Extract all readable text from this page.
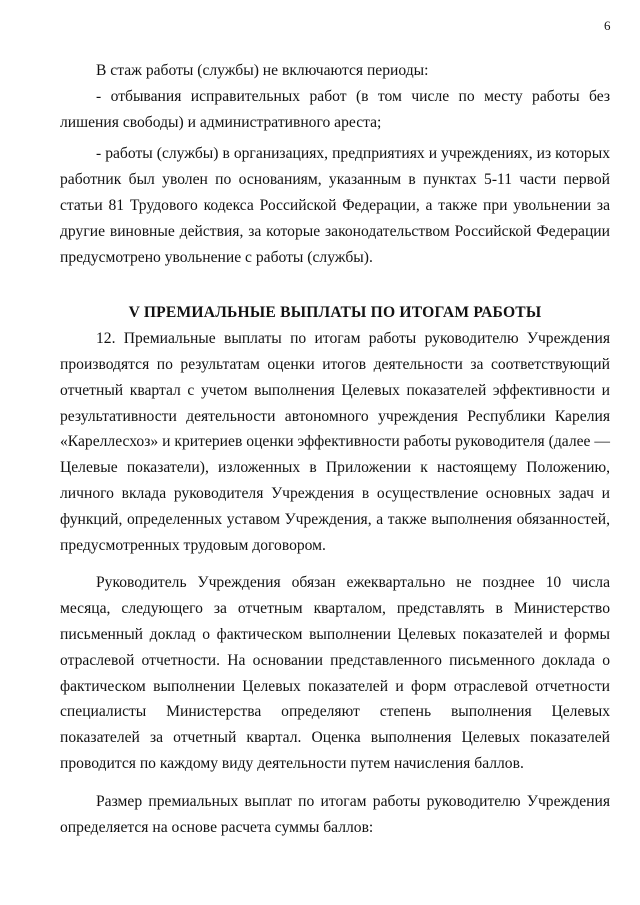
6

В стаж работы (службы) не включаются периоды:

- отбывания исправительных работ (в том числе по месту работы без лишения свободы) и административного ареста;

- работы (службы) в организациях, предприятиях и учреждениях, из которых работник был уволен по основаниям, указанным в пунктах 5-11 части первой статьи 81 Трудового кодекса Российской Федерации, а также при увольнении за другие виновные действия, за которые законодательством Российской Федерации предусмотрено увольнение с работы (службы).

V ПРЕМИАЛЬНЫЕ ВЫПЛАТЫ ПО ИТОГАМ РАБОТЫ

12. Премиальные выплаты по итогам работы руководителю Учреждения производятся по результатам оценки итогов деятельности за соответствующий отчетный квартал с учетом выполнения Целевых показателей эффективности и результативности деятельности автономного учреждения Республики Карелия «Кареллесхоз» и критериев оценки эффективности работы руководителя (далее — Целевые показатели), изложенных в Приложении к настоящему Положению, личного вклада руководителя Учреждения в осуществление основных задач и функций, определенных уставом Учреждения, а также выполнения обязанностей, предусмотренных трудовым договором.

Руководитель Учреждения обязан ежеквартально не позднее 10 числа месяца, следующего за отчетным кварталом, представлять в Министерство письменный доклад о фактическом выполнении Целевых показателей и формы отраслевой отчетности. На основании представленного письменного доклада о фактическом выполнении Целевых показателей и форм отраслевой отчетности специалисты Министерства определяют степень выполнения Целевых показателей за отчетный квартал. Оценка выполнения Целевых показателей проводится по каждому виду деятельности путем начисления баллов.

Размер премиальных выплат по итогам работы руководителю Учреждения определяется на основе расчета суммы баллов:
